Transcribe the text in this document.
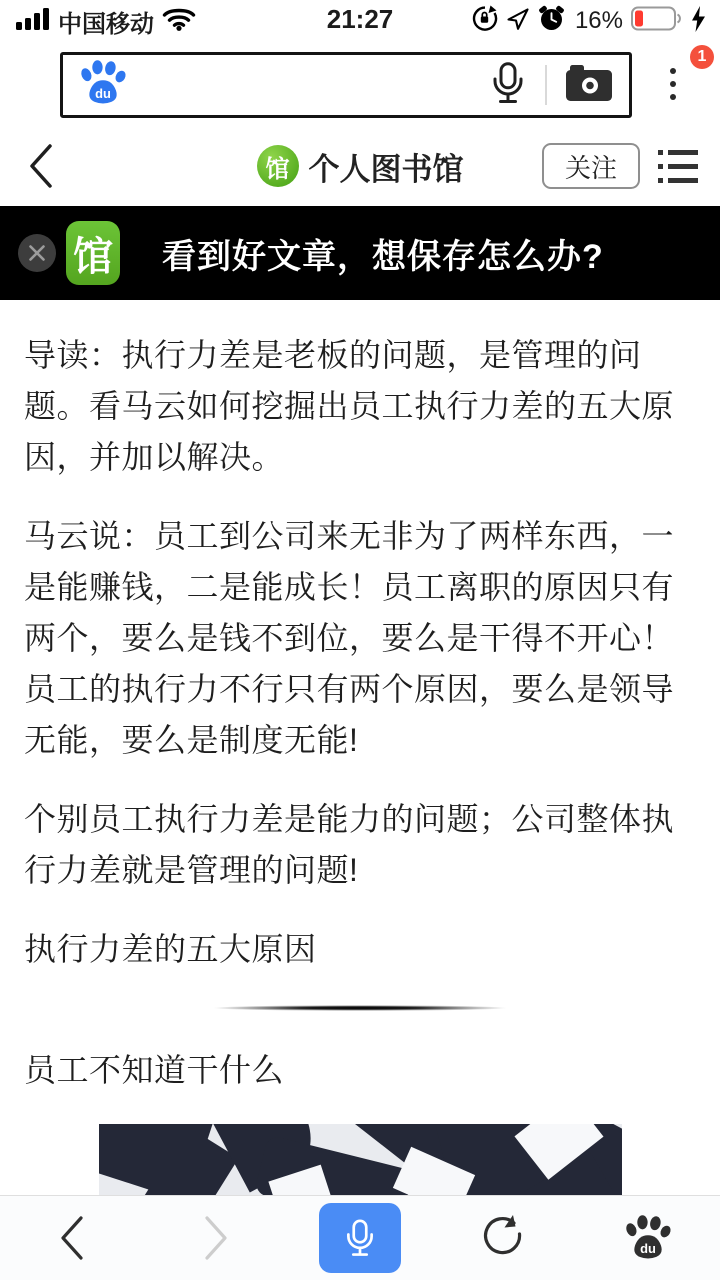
中国移动	21:27	16%
du
1
馆 个人图书馆	关注
馆 看到好文章，想保存怎么办?

导读：执行力差是老板的问题，是管理的问题。看马云如何挖掘出员工执行力差的五大原因，并加以解决。

马云说：员工到公司来无非为了两样东西，一是能赚钱，二是能成长！员工离职的原因只有两个，要么是钱不到位，要么是干得不开心！员工的执行力不行只有两个原因，要么是领导无能，要么是制度无能!

个别员工执行力差是能力的问题；公司整体执行力差就是管理的问题!

执行力差的五大原因

员工不知道干什么

du
